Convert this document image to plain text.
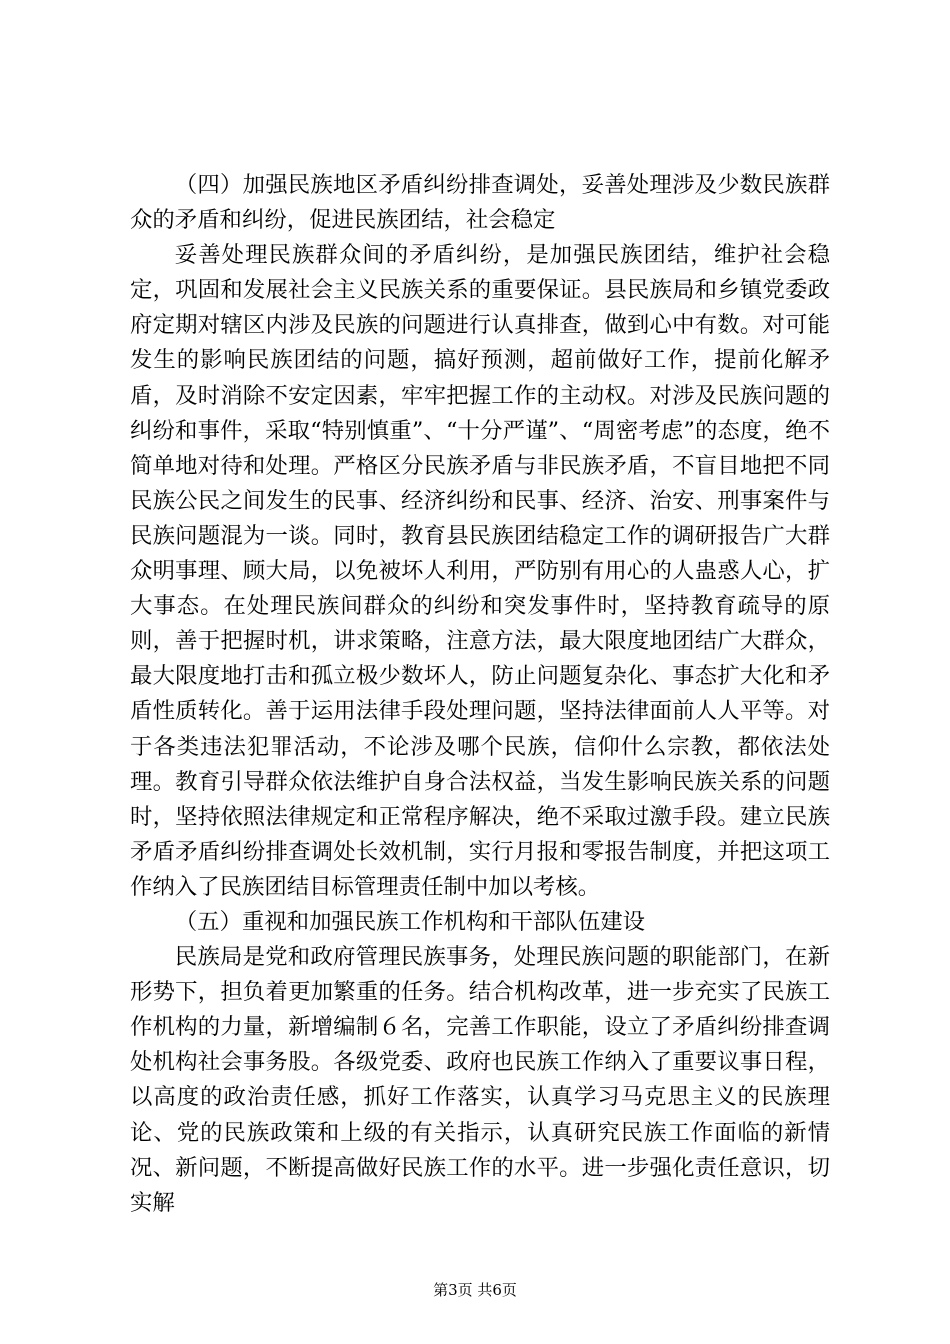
（四）加强民族地区矛盾纠纷排查调处，妥善处理涉及少数民族群众的矛盾和纠纷，促进民族团结，社会稳定

妥善处理民族群众间的矛盾纠纷，是加强民族团结，维护社会稳定，巩固和发展社会主义民族关系的重要保证。县民族局和乡镇党委政府定期对辖区内涉及民族的问题进行认真排查，做到心中有数。对可能发生的影响民族团结的问题，搞好预测，超前做好工作，提前化解矛盾，及时消除不安定因素，牢牢把握工作的主动权。对涉及民族问题的纠纷和事件，采取“特别慎重”、“十分严谨”、“周密考虑”的态度，绝不简单地对待和处理。严格区分民族矛盾与非民族矛盾，不盲目地把不同民族公民之间发生的民事、经济纠纷和民事、经济、治安、刑事案件与民族问题混为一谈。同时，教育县民族团结稳定工作的调研报告广大群众明事理、顾大局，以免被坏人利用，严防别有用心的人蛊惑人心，扩大事态。在处理民族间群众的纠纷和突发事件时，坚持教育疏导的原则，善于把握时机，讲求策略，注意方法，最大限度地团结广大群众，最大限度地打击和孤立极少数坏人，防止问题复杂化、事态扩大化和矛盾性质转化。善于运用法律手段处理问题，坚持法律面前人人平等。对于各类违法犯罪活动，不论涉及哪个民族，信仰什么宗教，都依法处理。教育引导群众依法维护自身合法权益，当发生影响民族关系的问题时，坚持依照法律规定和正常程序解决，绝不采取过激手段。建立民族矛盾矛盾纠纷排查调处长效机制，实行月报和零报告制度，并把这项工作纳入了民族团结目标管理责任制中加以考核。

（五）重视和加强民族工作机构和干部队伍建设

民族局是党和政府管理民族事务，处理民族问题的职能部门，在新形势下，担负着更加繁重的任务。结合机构改革，进一步充实了民族工作机构的力量，新增编制６名，完善工作职能，设立了矛盾纠纷排查调处机构社会事务股。各级党委、政府也民族工作纳入了重要议事日程，以高度的政治责任感，抓好工作落实，认真学习马克思主义的民族理论、党的民族政策和上级的有关指示，认真研究民族工作面临的新情况、新问题，不断提高做好民族工作的水平。进一步强化责任意识，切实解

第3页 共6页
